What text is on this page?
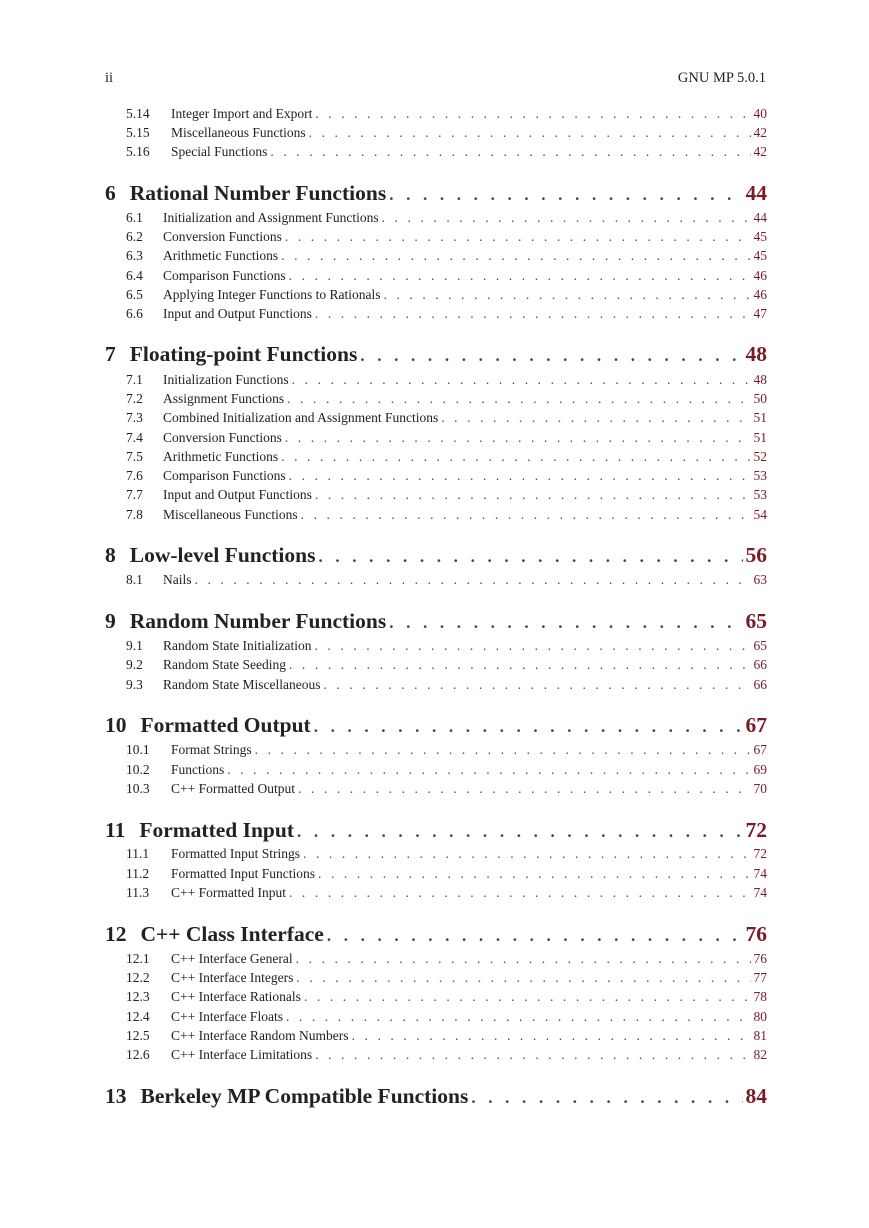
ii	GNU MP 5.0.1
5.14	Integer Import and Export . . .	40
5.15	Miscellaneous Functions . . .	42
5.16	Special Functions . . .	42
6 Rational Number Functions . . .	44
6.1	Initialization and Assignment Functions . . .	44
6.2	Conversion Functions . . .	45
6.3	Arithmetic Functions . . .	45
6.4	Comparison Functions . . .	46
6.5	Applying Integer Functions to Rationals . . .	46
6.6	Input and Output Functions . . .	47
7 Floating-point Functions . . .	48
7.1	Initialization Functions . . .	48
7.2	Assignment Functions . . .	50
7.3	Combined Initialization and Assignment Functions . . .	51
7.4	Conversion Functions . . .	51
7.5	Arithmetic Functions . . .	52
7.6	Comparison Functions . . .	53
7.7	Input and Output Functions . . .	53
7.8	Miscellaneous Functions . . .	54
8 Low-level Functions . . .	56
8.1	Nails . . .	63
9 Random Number Functions . . .	65
9.1	Random State Initialization . . .	65
9.2	Random State Seeding . . .	66
9.3	Random State Miscellaneous . . .	66
10 Formatted Output . . .	67
10.1	Format Strings . . .	67
10.2	Functions . . .	69
10.3	C++ Formatted Output . . .	70
11 Formatted Input . . .	72
11.1	Formatted Input Strings . . .	72
11.2	Formatted Input Functions . . .	74
11.3	C++ Formatted Input . . .	74
12 C++ Class Interface . . .	76
12.1	C++ Interface General . . .	76
12.2	C++ Interface Integers . . .	77
12.3	C++ Interface Rationals . . .	78
12.4	C++ Interface Floats . . .	80
12.5	C++ Interface Random Numbers . . .	81
12.6	C++ Interface Limitations . . .	82
13 Berkeley MP Compatible Functions . . .	84
